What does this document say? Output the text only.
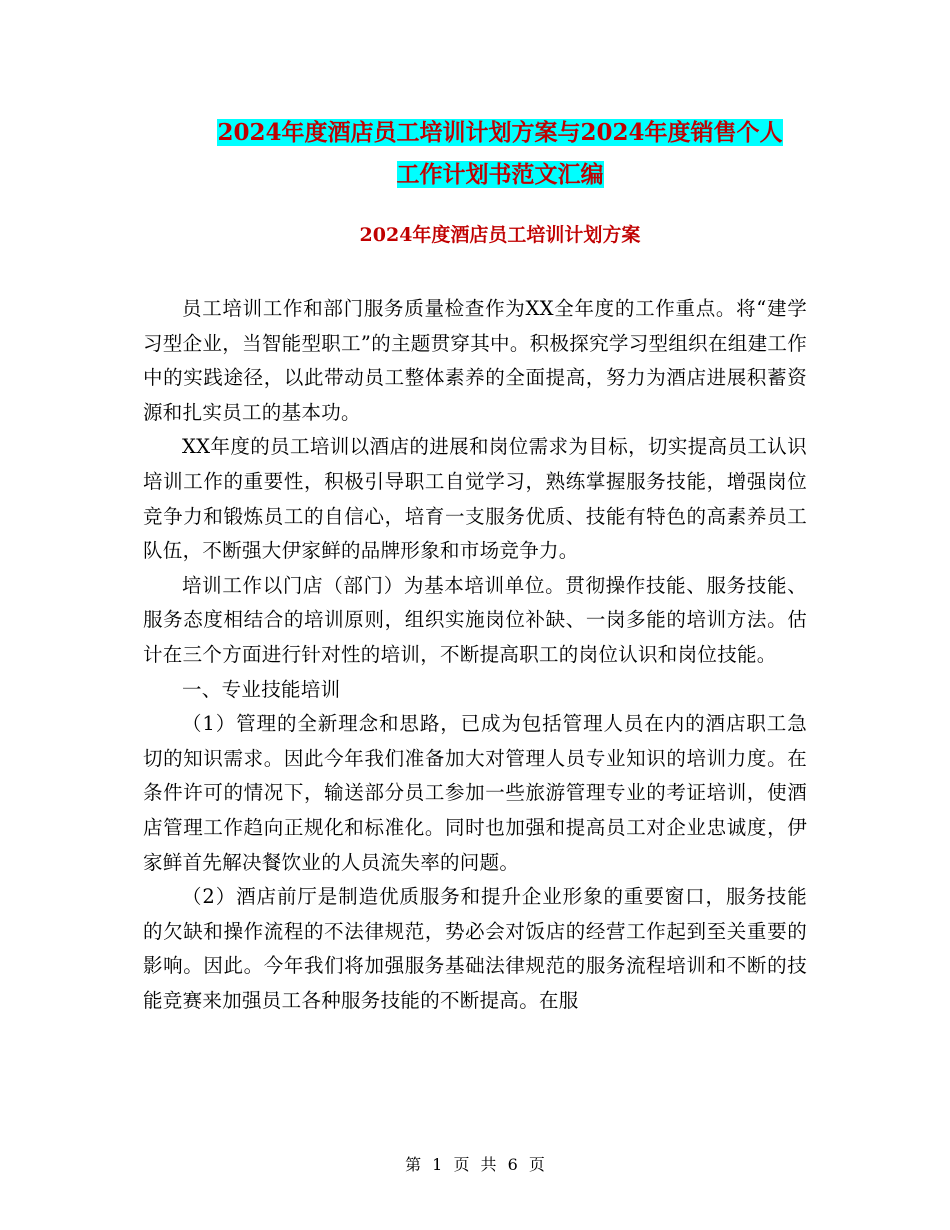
2024年度酒店员工培训计划方案与2024年度销售个人
工作计划书范文汇编
2024年度酒店员工培训计划方案

员工培训工作和部门服务质量检查作为XX全年度的工作重点。将“建学习型企业，当智能型职工”的主题贯穿其中。积极探究学习型组织在组建工作中的实践途径，以此带动员工整体素养的全面提高，努力为酒店进展积蓄资源和扎实员工的基本功。

XX年度的员工培训以酒店的进展和岗位需求为目标，切实提高员工认识培训工作的重要性，积极引导职工自觉学习，熟练掌握服务技能，增强岗位竞争力和锻炼员工的自信心，培育一支服务优质、技能有特色的高素养员工队伍，不断强大伊家鲜的品牌形象和市场竞争力。

培训工作以门店（部门）为基本培训单位。贯彻操作技能、服务技能、服务态度相结合的培训原则，组织实施岗位补缺、一岗多能的培训方法。估计在三个方面进行针对性的培训，不断提高职工的岗位认识和岗位技能。

一、专业技能培训

（1）管理的全新理念和思路，已成为包括管理人员在内的酒店职工急切的知识需求。因此今年我们准备加大对管理人员专业知识的培训力度。在条件许可的情况下，输送部分员工参加一些旅游管理专业的考证培训，使酒店管理工作趋向正规化和标准化。同时也加强和提高员工对企业忠诚度，伊家鲜首先解决餐饮业的人员流失率的问题。

（2）酒店前厅是制造优质服务和提升企业形象的重要窗口，服务技能的欠缺和操作流程的不法律规范，势必会对饭店的经营工作起到至关重要的影响。因此。今年我们将加强服务基础法律规范的服务流程培训和不断的技能竞赛来加强员工各种服务技能的不断提高。在服

第 1 页 共 6 页
